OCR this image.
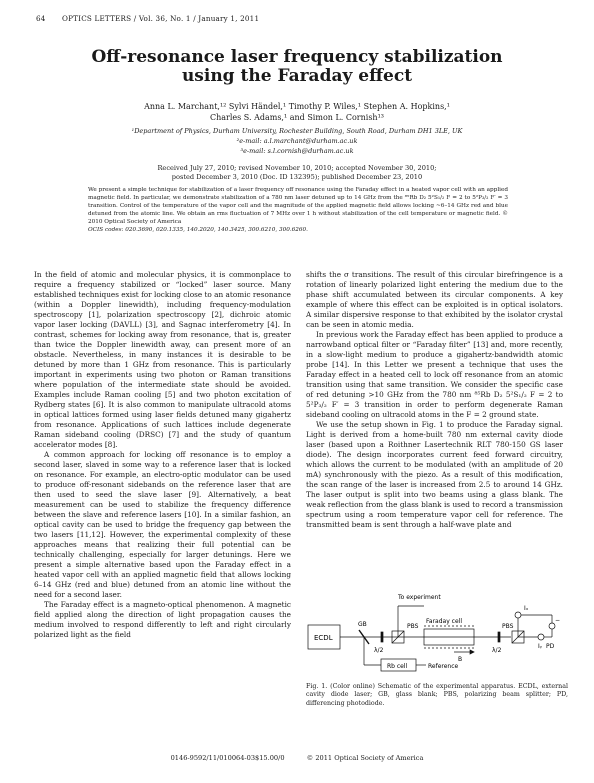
64 OPTICS LETTERS / Vol. 36, No. 1 / January 1, 2011
Off-resonance laser frequency stabilization
using the Faraday effect
Anna L. Marchant,¹² Sylvi Händel,¹ Timothy P. Wiles,¹ Stephen A. Hopkins,¹
Charles S. Adams,¹ and Simon L. Cornish¹³
¹Department of Physics, Durham University, Rochester Building, South Road, Durham DH1 3LE, UK
²e-mail: a.l.marchant@durham.ac.uk
³e-mail: s.l.cornish@durham.ac.uk
Received July 27, 2010; revised November 10, 2010; accepted November 30, 2010;
posted December 3, 2010 (Doc. ID 132395); published December 23, 2010
We present a simple technique for stabilization of a laser frequency off resonance using the Faraday effect in a heated vapor cell with an applied magnetic field. In particular, we demonstrate stabilization of a 780 nm laser detuned up to 14 GHz from the ⁸⁵Rb D₂ 5²S₁/₂ F = 2 to 5²P₃/₂ F′ = 3 transition. Control of the temperature of the vapor cell and the magnitude of the applied magnetic field allows locking ~6–14 GHz red and blue detuned from the atomic line. We obtain an rms fluctuation of 7 MHz over 1 h without stabilization of the cell temperature or magnetic field. © 2010 Optical Society of America
OCIS codes: 020.3690, 020.1335, 140.2020, 140.3425, 300.6210, 300.6260.

In the field of atomic and molecular physics, it is commonplace to require a frequency stabilized or “locked” laser source. Many established techniques exist for locking close to an atomic resonance (within a Doppler linewidth), including frequency-modulation spectroscopy [1], polarization spectroscopy [2], dichroic atomic vapor laser locking (DAVLL) [3], and Sagnac interferometry [4]. In contrast, schemes for locking away from resonance, that is, greater than twice the Doppler linewidth away, can present more of an obstacle. Nevertheless, in many instances it is desirable to be detuned by more than 1 GHz from resonance. This is particularly important in experiments using two photon or Raman transitions where population of the intermediate state should be avoided. Examples include Raman cooling [5] and two photon excitation of Rydberg states [6]. It is also common to manipulate ultracold atoms in optical lattices formed using laser fields detuned many gigahertz from resonance. Applications of such lattices include degenerate Raman sideband cooling (DRSC) [7] and the study of quantum accelerator modes [8].

A common approach for locking off resonance is to employ a second laser, slaved in some way to a reference laser that is locked on resonance. For example, an electro-optic modulator can be used to produce off-resonant sidebands on the reference laser that are then used to seed the slave laser [9]. Alternatively, a beat measurement can be used to stabilize the frequency difference between the slave and reference lasers [10]. In a similar fashion, an optical cavity can be used to bridge the frequency gap between the two lasers [11,12]. However, the experimental complexity of these approaches means that realizing their full potential can be technically challenging, especially for larger detunings. Here we present a simple alternative based upon the Faraday effect in a heated vapor cell with an applied magnetic field that allows locking 6–14 GHz (red and blue) detuned from an atomic line without the need for a second laser.

The Faraday effect is a magneto-optical phenomenon. A magnetic field applied along the direction of light propagation causes the medium involved to respond differently to left and right circularly polarized light as the field

shifts the σ transitions. The result of this circular birefringence is a rotation of linearly polarized light entering the medium due to the phase shift accumulated between its circular components. A key example of where this effect can be exploited is in optical isolators. A similar dispersive response to that exhibited by the isolator crystal can be seen in atomic media.

In previous work the Faraday effect has been applied to produce a narrowband optical filter or “Faraday filter” [13] and, more recently, in a slow-light medium to produce a gigahertz-bandwidth atomic probe [14]. In this Letter we present a technique that uses the Faraday effect in a heated cell to lock off resonance from an atomic transition using that same transition. We consider the specific case of red detuning >10 GHz from the 780 nm ⁸⁵Rb D₂ 5²S₁/₂ F = 2 to 5²P₃/₂ F′ = 3 transition in order to perform degenerate Raman sideband cooling on ultracold atoms in the F = 2 ground state.

We use the setup shown in Fig. 1 to produce the Faraday signal. Light is derived from a home-built 780 nm external cavity diode laser (based upon a Roithner Lasertechnik RLT 780-150 GS laser diode). The design incorporates current feed forward circuitry, which allows the current to be modulated (with an amplitude of 20 mA) synchronously with the piezo. As a result of this modification, the scan range of the laser is increased from 2.5 to around 14 GHz. The laser output is split into two beams using a glass blank. The weak reflection from the glass blank is used to record a transmission spectrum using a room temperature vapor cell for reference. The transmitted beam is sent through a half-wave plate and

To experiment
ECDL
GB	PBS
Faraday cell
PBS
λ/2	λ/2
B
Rb cell	Reference
Iₓ
Iᵧ PD
−
Fig. 1. (Color online) Schematic of the experimental apparatus. ECDL, external cavity diode laser; GB, glass blank; PBS, polarizing beam splitter; PD, differencing photodiode.
0146-9592/11/010064-03$15.00/0	© 2011 Optical Society of America
